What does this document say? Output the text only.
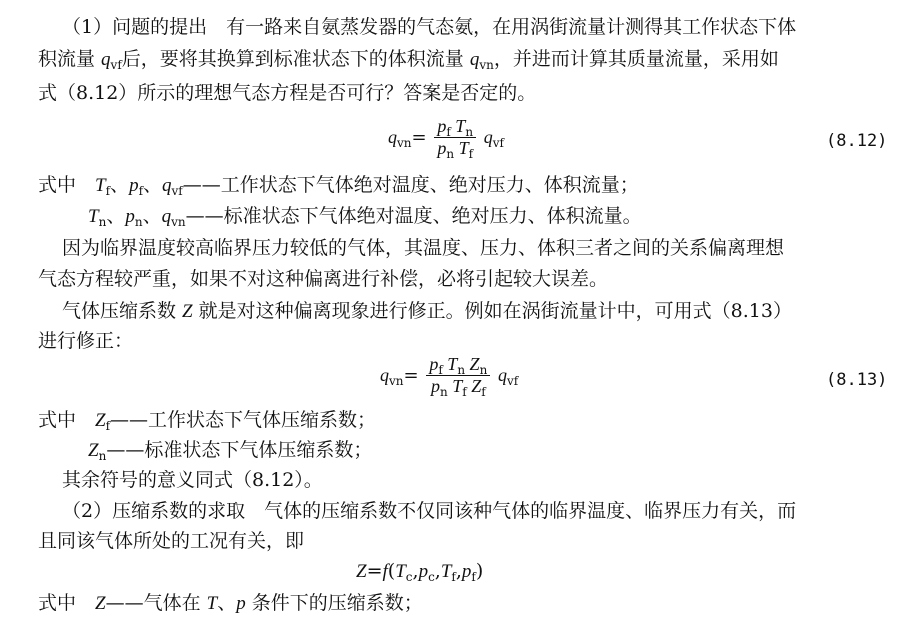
（1）问题的提出　有一路来自氨蒸发器的气态氨，在用涡街流量计测得其工作状态下体
积流量 $q_{vf}$后，要将其换算到标准状态下的体积流量 $q_{vn}$，并进而计算其质量流量，采用如
式（8.12）所示的理想气态方程是否可行？答案是否定的。
$q_{vn}= \frac{p_f T_n}{p_n T_f} q_{vf}$	(8.12)
式中　$T_f$、$p_f$、$q_{vf}——$工作状态下气体绝对温度、绝对压力、体积流量；
$T_n$、$p_n$、$q_{vn}——$标准状态下气体绝对温度、绝对压力、体积流量。
因为临界温度较高临界压力较低的气体，其温度、压力、体积三者之间的关系偏离理想
气态方程较严重，如果不对这种偏离进行补偿，必将引起较大误差。
气体压缩系数 Z 就是对这种偏离现象进行修正。例如在涡街流量计中，可用式（8.13）
进行修正：
$q_{vn}= \frac{p_f T_n Z_n}{p_n T_f Z_f} q_{vf}$	(8.13)
式中　$Z_f——$工作状态下气体压缩系数；
$Z_n——$标准状态下气体压缩系数；
其余符号的意义同式（8.12）。
（2）压缩系数的求取　气体的压缩系数不仅同该种气体的临界温度、临界压力有关，而
且同该气体所处的工况有关，即
$Z=f(T_c,p_c,T_f,p_f)$
式中　Z——气体在 T、p 条件下的压缩系数；
